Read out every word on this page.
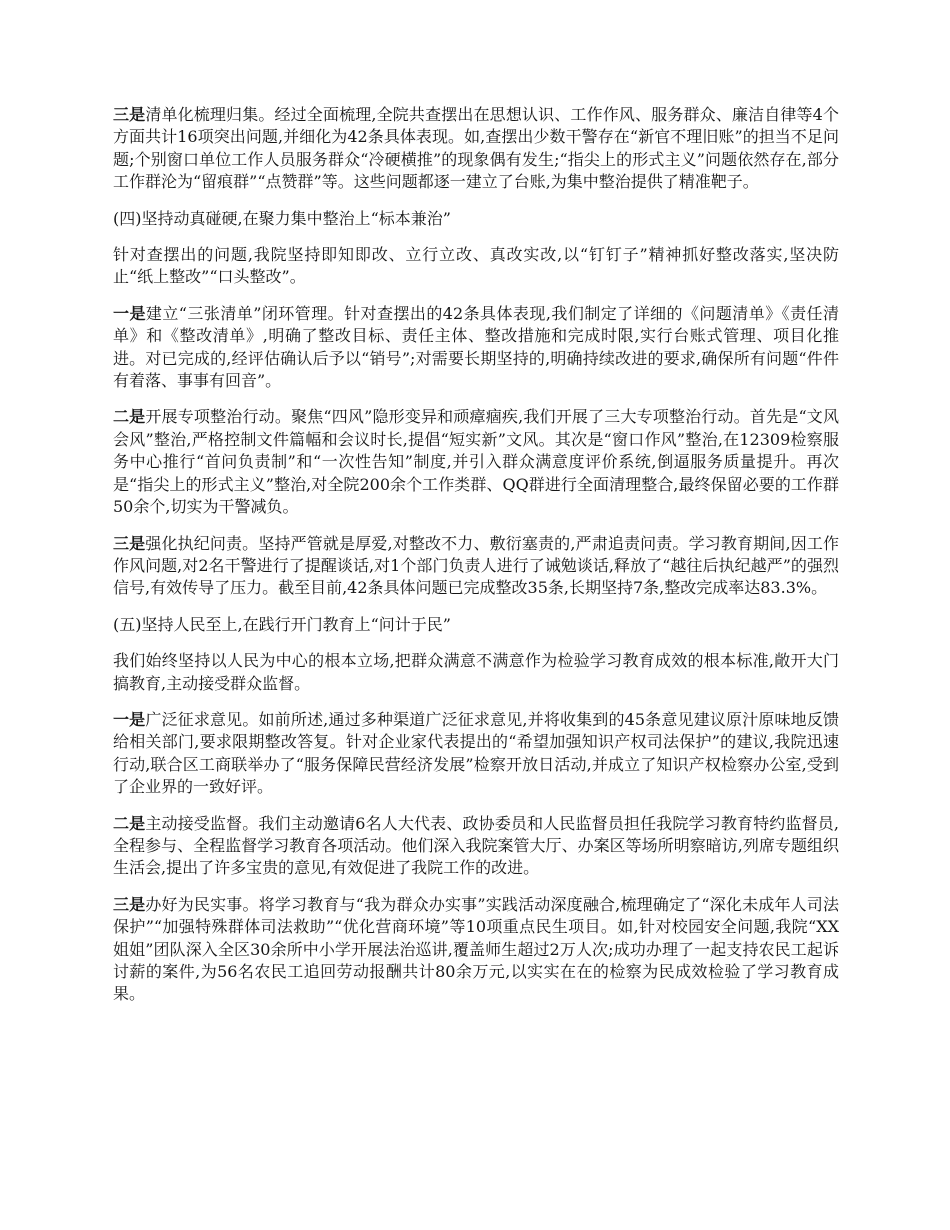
三是清单化梳理归集。经过全面梳理,全院共查摆出在思想认识、工作作风、服务群众、廉洁自律等4个方面共计16项突出问题,并细化为42条具体表现。如,查摆出少数干警存在“新官不理旧账”的担当不足问题;个别窗口单位工作人员服务群众“冷硬横推”的现象偶有发生;“指尖上的形式主义”问题依然存在,部分工作群沦为“留痕群”“点赞群”等。这些问题都逐一建立了台账,为集中整治提供了精准靶子。

(四)坚持动真碰硬,在聚力集中整治上“标本兼治”

针对查摆出的问题,我院坚持即知即改、立行立改、真改实改,以“钉钉子”精神抓好整改落实,坚决防止“纸上整改”“口头整改”。

一是建立“三张清单”闭环管理。针对查摆出的42条具体表现,我们制定了详细的《问题清单》《责任清单》和《整改清单》,明确了整改目标、责任主体、整改措施和完成时限,实行台账式管理、项目化推进。对已完成的,经评估确认后予以“销号”;对需要长期坚持的,明确持续改进的要求,确保所有问题“件件有着落、事事有回音”。

二是开展专项整治行动。聚焦“四风”隐形变异和顽瘴痼疾,我们开展了三大专项整治行动。首先是“文风会风”整治,严格控制文件篇幅和会议时长,提倡“短实新”文风。其次是“窗口作风”整治,在12309检察服务中心推行“首问负责制”和“一次性告知”制度,并引入群众满意度评价系统,倒逼服务质量提升。再次是“指尖上的形式主义”整治,对全院200余个工作类群、QQ群进行全面清理整合,最终保留必要的工作群50余个,切实为干警减负。

三是强化执纪问责。坚持严管就是厚爱,对整改不力、敷衍塞责的,严肃追责问责。学习教育期间,因工作作风问题,对2名干警进行了提醒谈话,对1个部门负责人进行了诫勉谈话,释放了“越往后执纪越严”的强烈信号,有效传导了压力。截至目前,42条具体问题已完成整改35条,长期坚持7条,整改完成率达83.3%。

(五)坚持人民至上,在践行开门教育上“问计于民”

我们始终坚持以人民为中心的根本立场,把群众满意不满意作为检验学习教育成效的根本标准,敞开大门搞教育,主动接受群众监督。

一是广泛征求意见。如前所述,通过多种渠道广泛征求意见,并将收集到的45条意见建议原汁原味地反馈给相关部门,要求限期整改答复。针对企业家代表提出的“希望加强知识产权司法保护”的建议,我院迅速行动,联合区工商联举办了“服务保障民营经济发展”检察开放日活动,并成立了知识产权检察办公室,受到了企业界的一致好评。

二是主动接受监督。我们主动邀请6名人大代表、政协委员和人民监督员担任我院学习教育特约监督员,全程参与、全程监督学习教育各项活动。他们深入我院案管大厅、办案区等场所明察暗访,列席专题组织生活会,提出了许多宝贵的意见,有效促进了我院工作的改进。

三是办好为民实事。将学习教育与“我为群众办实事”实践活动深度融合,梳理确定了“深化未成年人司法保护”“加强特殊群体司法救助”“优化营商环境”等10项重点民生项目。如,针对校园安全问题,我院“XX姐姐”团队深入全区30余所中小学开展法治巡讲,覆盖师生超过2万人次;成功办理了一起支持农民工起诉讨薪的案件,为56名农民工追回劳动报酬共计80余万元,以实实在在的检察为民成效检验了学习教育成果。
